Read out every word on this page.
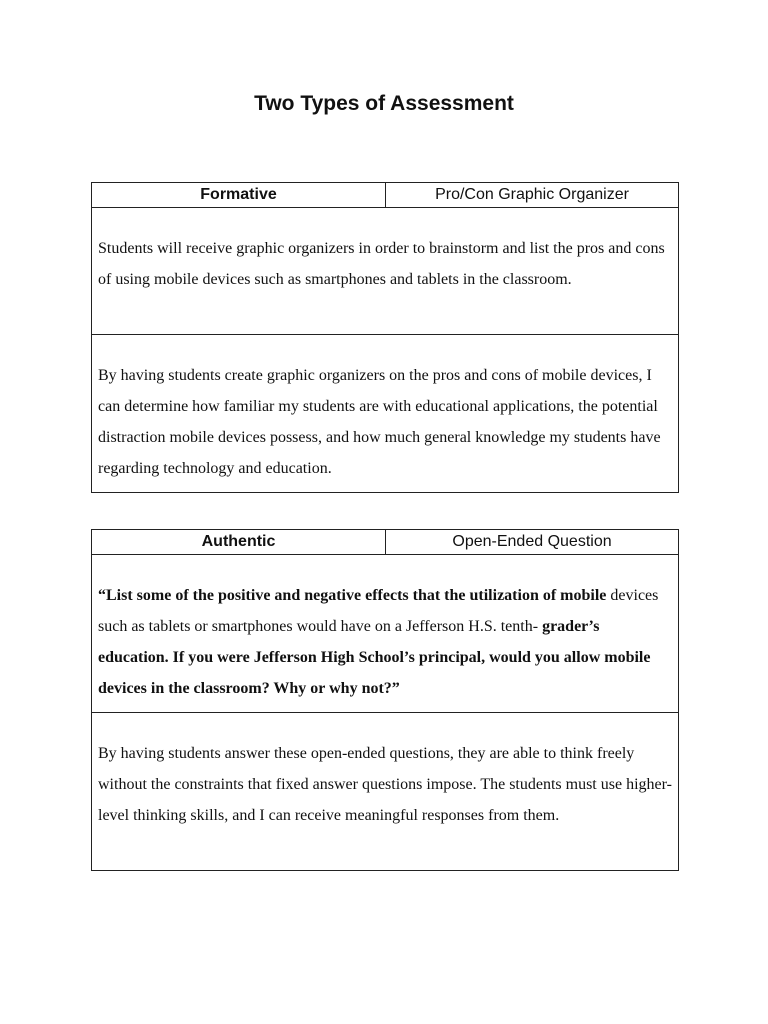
Two Types of Assessment
Formative	Pro/Con Graphic Organizer
Students will receive graphic organizers in order to brainstorm and list the pros and cons of using mobile devices such as smartphones and tablets in the classroom.
By having students create graphic organizers on the pros and cons of mobile devices, I can determine how familiar my students are with educational applications, the potential distraction mobile devices possess, and how much general knowledge my students have regarding technology and education.
Authentic	Open-Ended Question
“List some of the positive and negative effects that the utilization of mobile devices such as tablets or smartphones would have on a Jefferson H.S. tenth- grader’s education. If you were Jefferson High School’s principal, would you allow mobile devices in the classroom? Why or why not?”
By having students answer these open-ended questions, they are able to think freely without the constraints that fixed answer questions impose. The students must use higher-level thinking skills, and I can receive meaningful responses from them.
